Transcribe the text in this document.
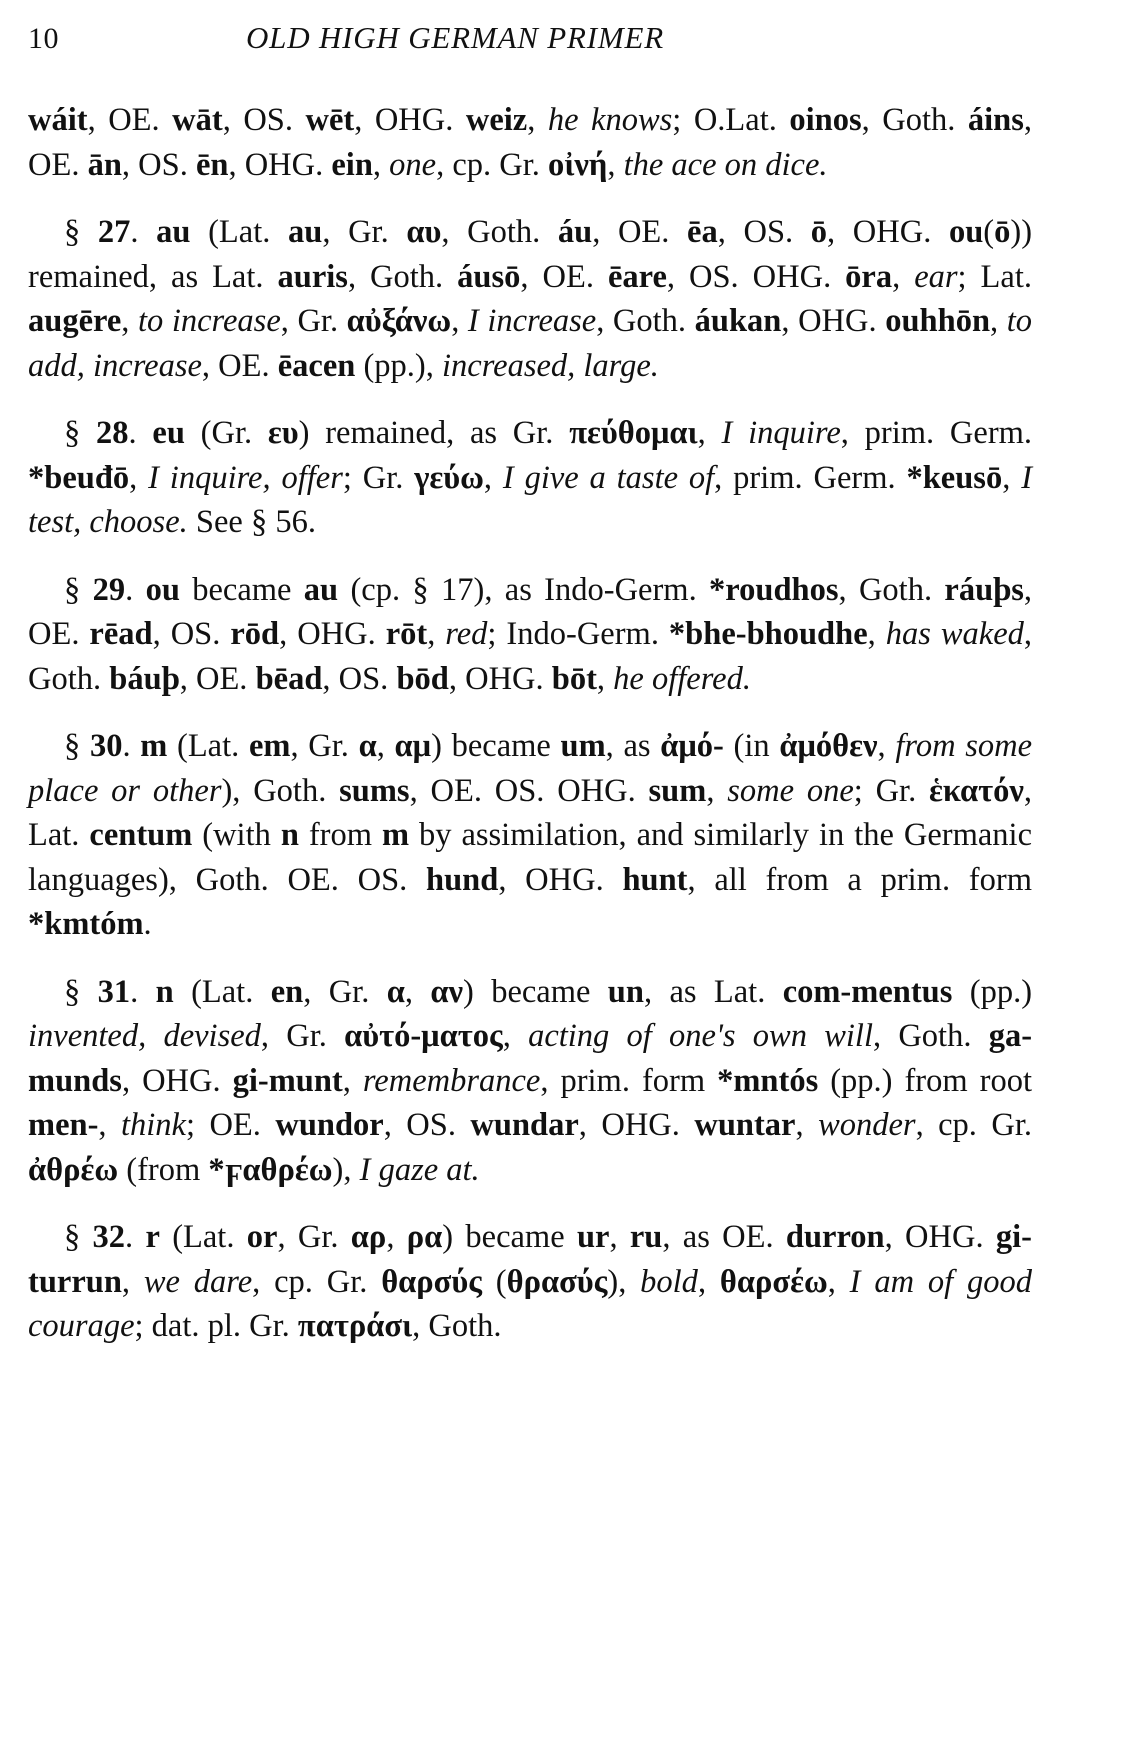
10	OLD HIGH GERMAN PRIMER

wáit, OE. wāt, OS. wēt, OHG. weiz, he knows; O.Lat. oinos, Goth. áins, OE. ān, OS. ēn, OHG. ein, one, cp. Gr. οἰνή, the ace on dice.

§ 27. au (Lat. au, Gr. αυ, Goth. áu, OE. ēa, OS. ō, OHG. ou(ō)) remained, as Lat. auris, Goth. áusō, OE. ēare, OS. OHG. ōra, ear; Lat. augēre, to increase, Gr. αὐξάνω, I increase, Goth. áukan, OHG. ouhhōn, to add, increase, OE. ēacen (pp.), increased, large.

§ 28. eu (Gr. ευ) remained, as Gr. πεύθομαι, I inquire, prim. Germ. *beuđō, I inquire, offer; Gr. γεύω, I give a taste of, prim. Germ. *keusō, I test, choose. See § 56.

§ 29. ou became au (cp. § 17), as Indo-Germ. *roudhos, Goth. ráuþs, OE. rēad, OS. rōd, OHG. rōt, red; Indo-Germ. *bhe-bhoudhe, has waked, Goth. báuþ, OE. bēad, OS. bōd, OHG. bōt, he offered.

§ 30. m (Lat. em, Gr. α, αμ) became um, as ἀμό- (in ἀμόθεν, from some place or other), Goth. sums, OE. OS. OHG. sum, some one; Gr. ἑκατόν, Lat. centum (with n from m by assimilation, and similarly in the Germanic languages), Goth. OE. OS. hund, OHG. hunt, all from a prim. form *kmtóm.

§ 31. n (Lat. en, Gr. α, αν) became un, as Lat. com-mentus (pp.) invented, devised, Gr. αὐτό-ματος, acting of one's own will, Goth. ga-munds, OHG. gi-munt, remembrance, prim. form *mntós (pp.) from root men-, think; OE. wundor, OS. wundar, OHG. wuntar, wonder, cp. Gr. ἀθρέω (from *ϝαθρέω), I gaze at.

§ 32. r (Lat. or, Gr. αρ, ρα) became ur, ru, as OE. durron, OHG. gi-turrun, we dare, cp. Gr. θαρσύς (θρασύς), bold, θαρσέω, I am of good courage; dat. pl. Gr. πατράσι, Goth.
